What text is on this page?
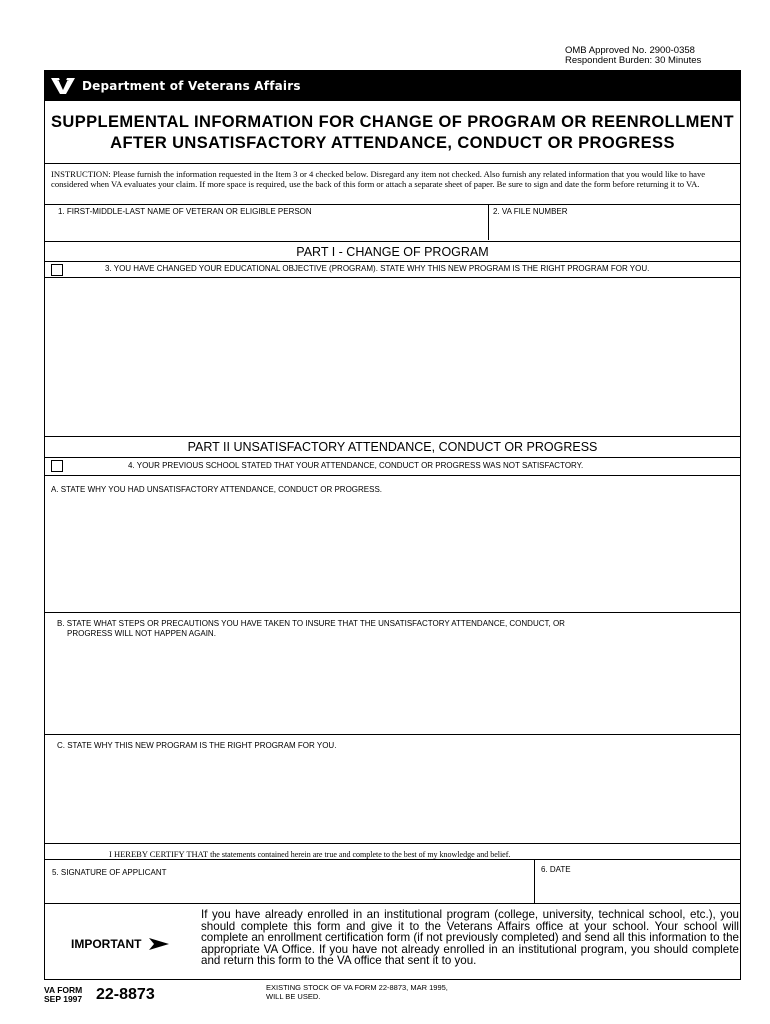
OMB Approved No. 2900-0358
Respondent Burden: 30 Minutes
Department of Veterans Affairs
SUPPLEMENTAL INFORMATION FOR CHANGE OF PROGRAM OR REENROLLMENT
AFTER UNSATISFACTORY ATTENDANCE, CONDUCT OR PROGRESS
INSTRUCTION: Please furnish the information requested in the Item 3 or 4 checked below. Disregard any item not checked. Also furnish any related information that you would like to have considered when VA evaluates your claim. If more space is required, use the back of this form or attach a separate sheet of paper. Be sure to sign and date the form before returning it to VA.
1. FIRST-MIDDLE-LAST NAME OF VETERAN OR ELIGIBLE PERSON	2. VA FILE NUMBER
PART I - CHANGE OF PROGRAM
3. YOU HAVE CHANGED YOUR EDUCATIONAL OBJECTIVE (PROGRAM). STATE WHY THIS NEW PROGRAM IS THE RIGHT PROGRAM FOR YOU.
PART II UNSATISFACTORY ATTENDANCE, CONDUCT OR PROGRESS
4. YOUR PREVIOUS SCHOOL STATED THAT YOUR ATTENDANCE, CONDUCT OR PROGRESS WAS NOT SATISFACTORY.
A. STATE WHY YOU HAD UNSATISFACTORY ATTENDANCE, CONDUCT OR PROGRESS.
B. STATE WHAT STEPS OR PRECAUTIONS YOU HAVE TAKEN TO INSURE THAT THE UNSATISFACTORY ATTENDANCE, CONDUCT, OR
PROGRESS WILL NOT HAPPEN AGAIN.
C. STATE WHY THIS NEW PROGRAM IS THE RIGHT PROGRAM FOR YOU.
I HEREBY CERTIFY THAT the statements contained herein are true and complete to the best of my knowledge and belief.
5. SIGNATURE OF APPLICANT	6. DATE
IMPORTANT
If you have already enrolled in an institutional program (college, university, technical school, etc.), you should complete this form and give it to the Veterans Affairs office at your school. Your school will complete an enrollment certification form (if not previously completed) and send all this information to the appropriate VA Office. If you have not already enrolled in an institutional program, you should complete and return this form to the VA office that sent it to you.
VA FORM
SEP 1997 22-8873	EXISTING STOCK OF VA FORM 22-8873, MAR 1995,
WILL BE USED.
